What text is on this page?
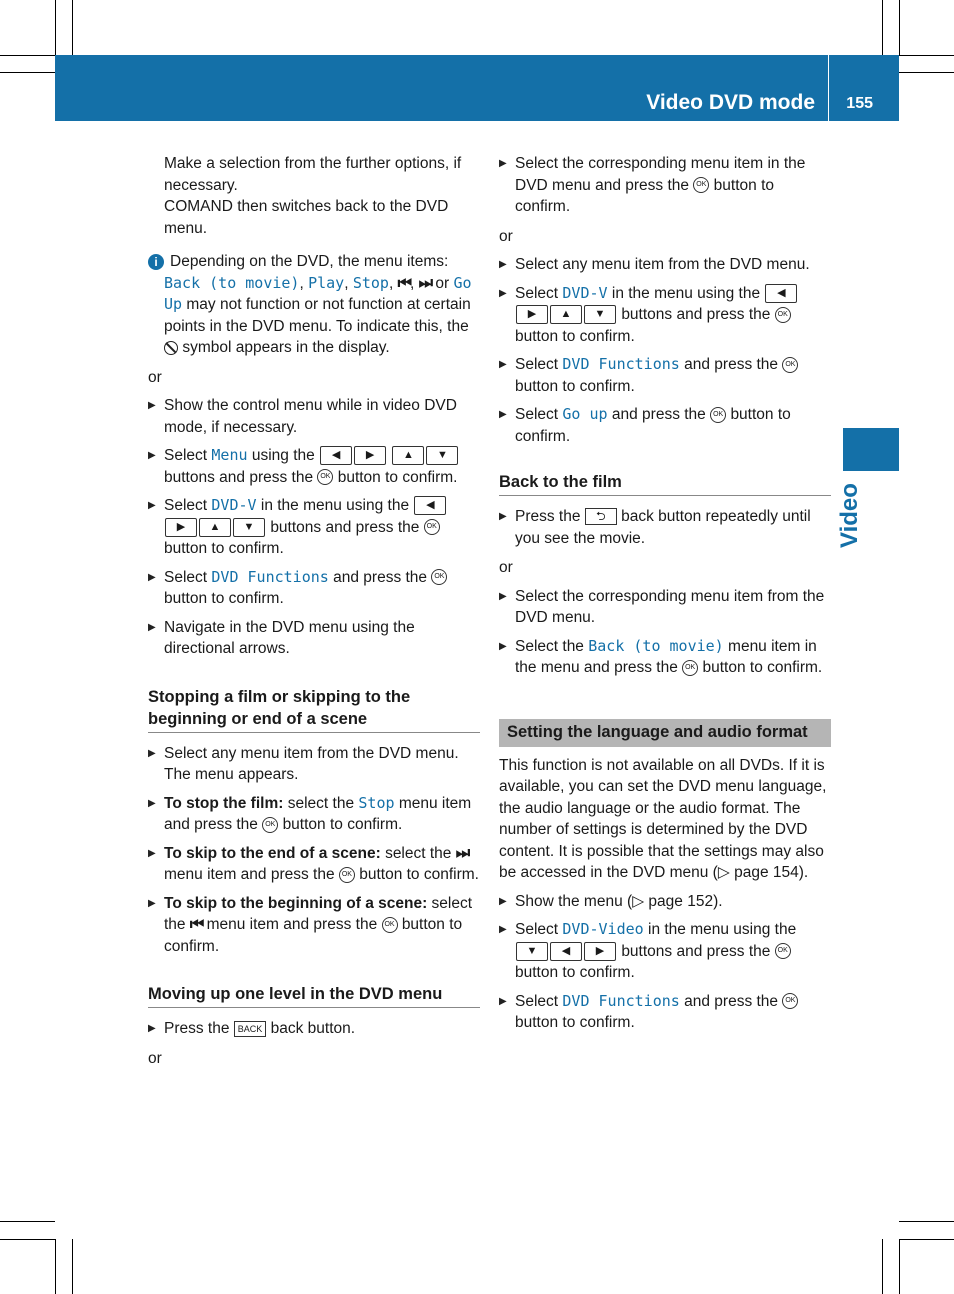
Video DVD mode 155
Video

Make a selection from the further options, if necessary.

COMAND then switches back to the DVD menu.

i Depending on the DVD, the menu items: Back (to movie), Play, Stop, ⏮, ⏭ or Go Up may not function or not function at certain points in the DVD menu. To indicate this, the  symbol appears in the display.

or

▶ Show the control menu while in video DVD mode, if necessary.
▶ Select Menu using the ◀ ▶	▲ ▼ buttons and press the OK button to confirm.
▶ Select DVD-V in the menu using the ◀▶ ▲ ▼ buttons and press the OK button to confirm.
▶ Select DVD Functions and press the OK button to confirm.
▶ Navigate in the DVD menu using the directional arrows.
Stopping a film or skipping to the beginning or end of a scene
▶ Select any menu item from the DVD menu. The menu appears.
▶ To stop the film: select the Stop menu item and press the OK button to confirm.
▶ To skip to the end of a scene: select the ⏭ menu item and press the OK button to confirm.
▶ To skip to the beginning of a scene: select the ⏮ menu item and press the OK button to confirm.
Moving up one level in the DVD menu
▶ Press the BACK back button.

or

▶ Select the corresponding menu item in the DVD menu and press the OK button to confirm.

or

▶ Select any menu item from the DVD menu.
▶ Select DVD-V in the menu using the ◀▶ ▲ ▼ buttons and press the OK button to confirm.
▶ Select DVD Functions and press the OK button to confirm.
▶ Select Go up and press the OK button to confirm.
Back to the film
▶ Press the ⮌ back button repeatedly until you see the movie.

or

▶ Select the corresponding menu item from the DVD menu.
▶ Select the Back (to movie) menu item in the menu and press the OK button to confirm.
Setting the language and audio format

This function is not available on all DVDs. If it is available, you can set the DVD menu language, the audio language or the audio format. The number of settings is determined by the DVD content. It is possible that the settings may also be accessed in the DVD menu (▷ page 154).

▶ Show the menu (▷ page 152).
▶ Select DVD-Video in the menu using the ▼ ◀ ▶ buttons and press the OK button to confirm.
▶ Select DVD Functions and press the OK button to confirm.
